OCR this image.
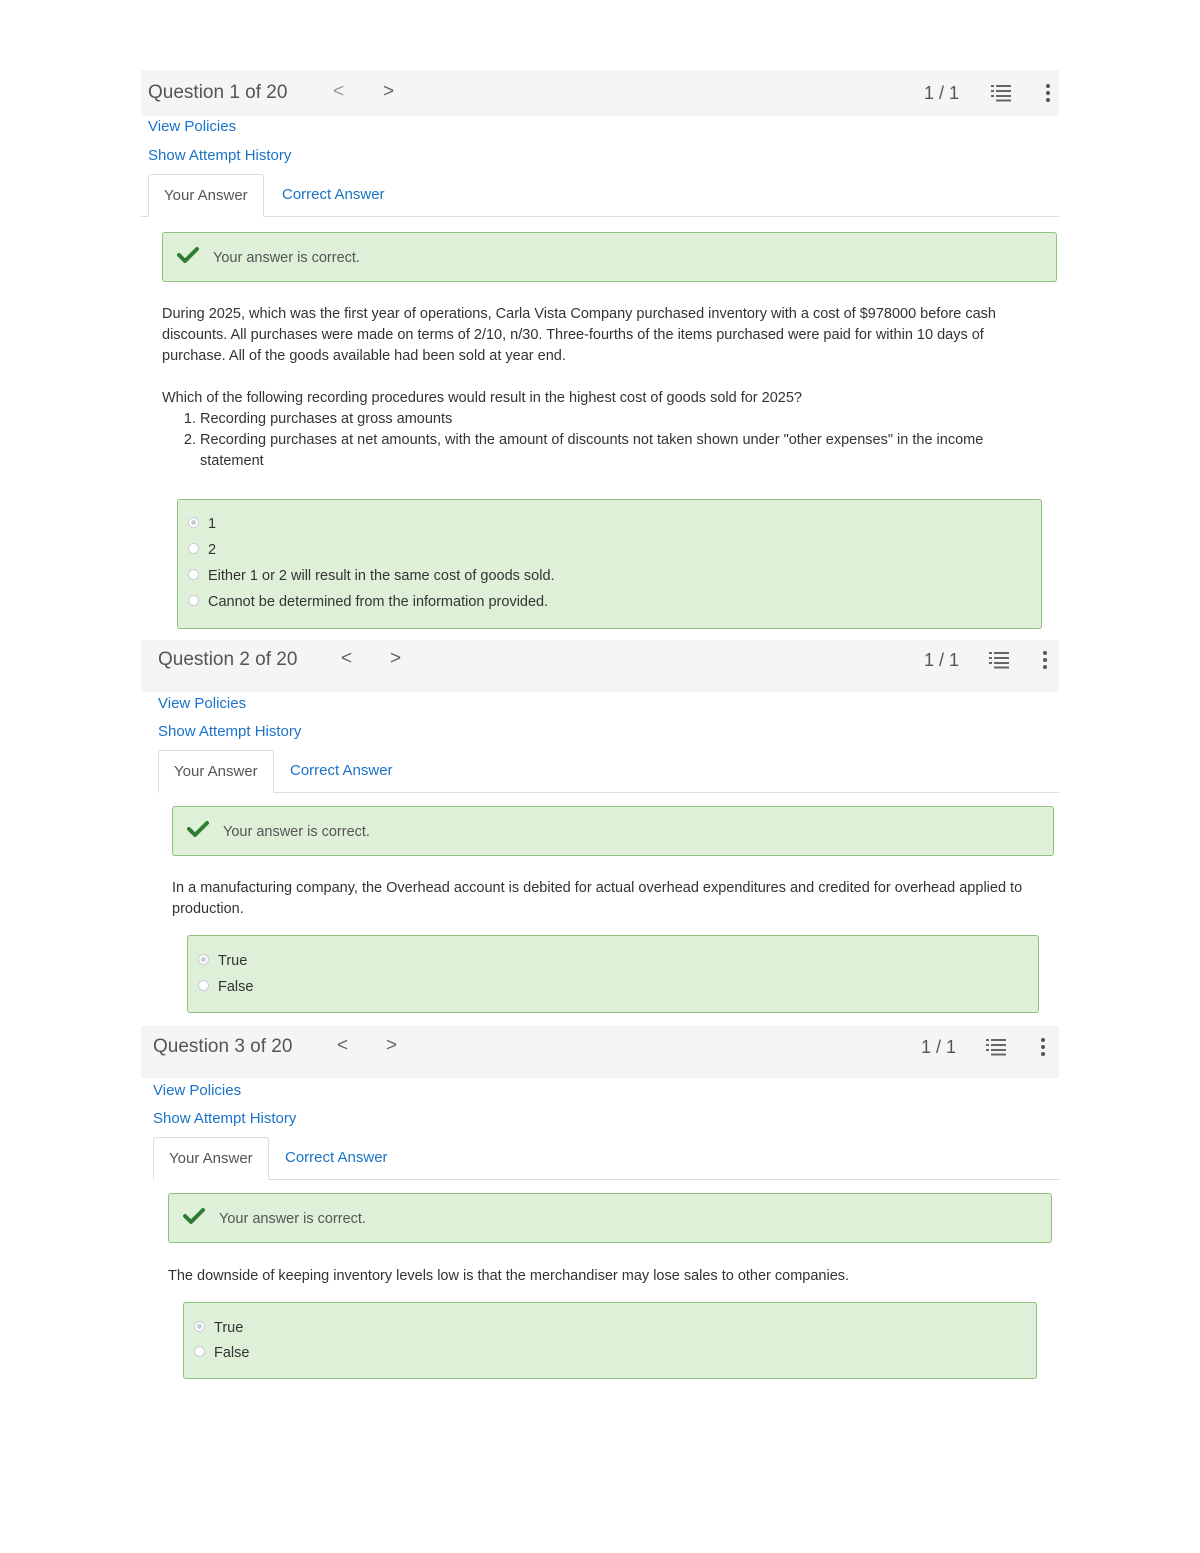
Question 1 of 20 < >	1 / 1
View Policies
Show Attempt History
Your Answer	Correct Answer
Your answer is correct.

During 2025, which was the first year of operations, Carla Vista Company purchased inventory with a cost of $978000 before cash discounts. All purchases were made on terms of 2/10, n/30. Three-fourths of the items purchased were paid for within 10 days of purchase. All of the goods available had been sold at year end.

Which of the following recording procedures would result in the highest cost of goods sold for 2025?

1. Recording purchases at gross amounts
2. Recording purchases at net amounts, with the amount of discounts not taken shown under "other expenses" in the income statement
1
2
Either 1 or 2 will result in the same cost of goods sold.
Cannot be determined from the information provided.
Question 2 of 20 < >	1 / 1
View Policies
Show Attempt History
Your Answer	Correct Answer
Your answer is correct.

In a manufacturing company, the Overhead account is debited for actual overhead expenditures and credited for overhead applied to production.

True
False
Question 3 of 20 < >	1 / 1
View Policies
Show Attempt History
Your Answer	Correct Answer
Your answer is correct.

The downside of keeping inventory levels low is that the merchandiser may lose sales to other companies.

True
False
